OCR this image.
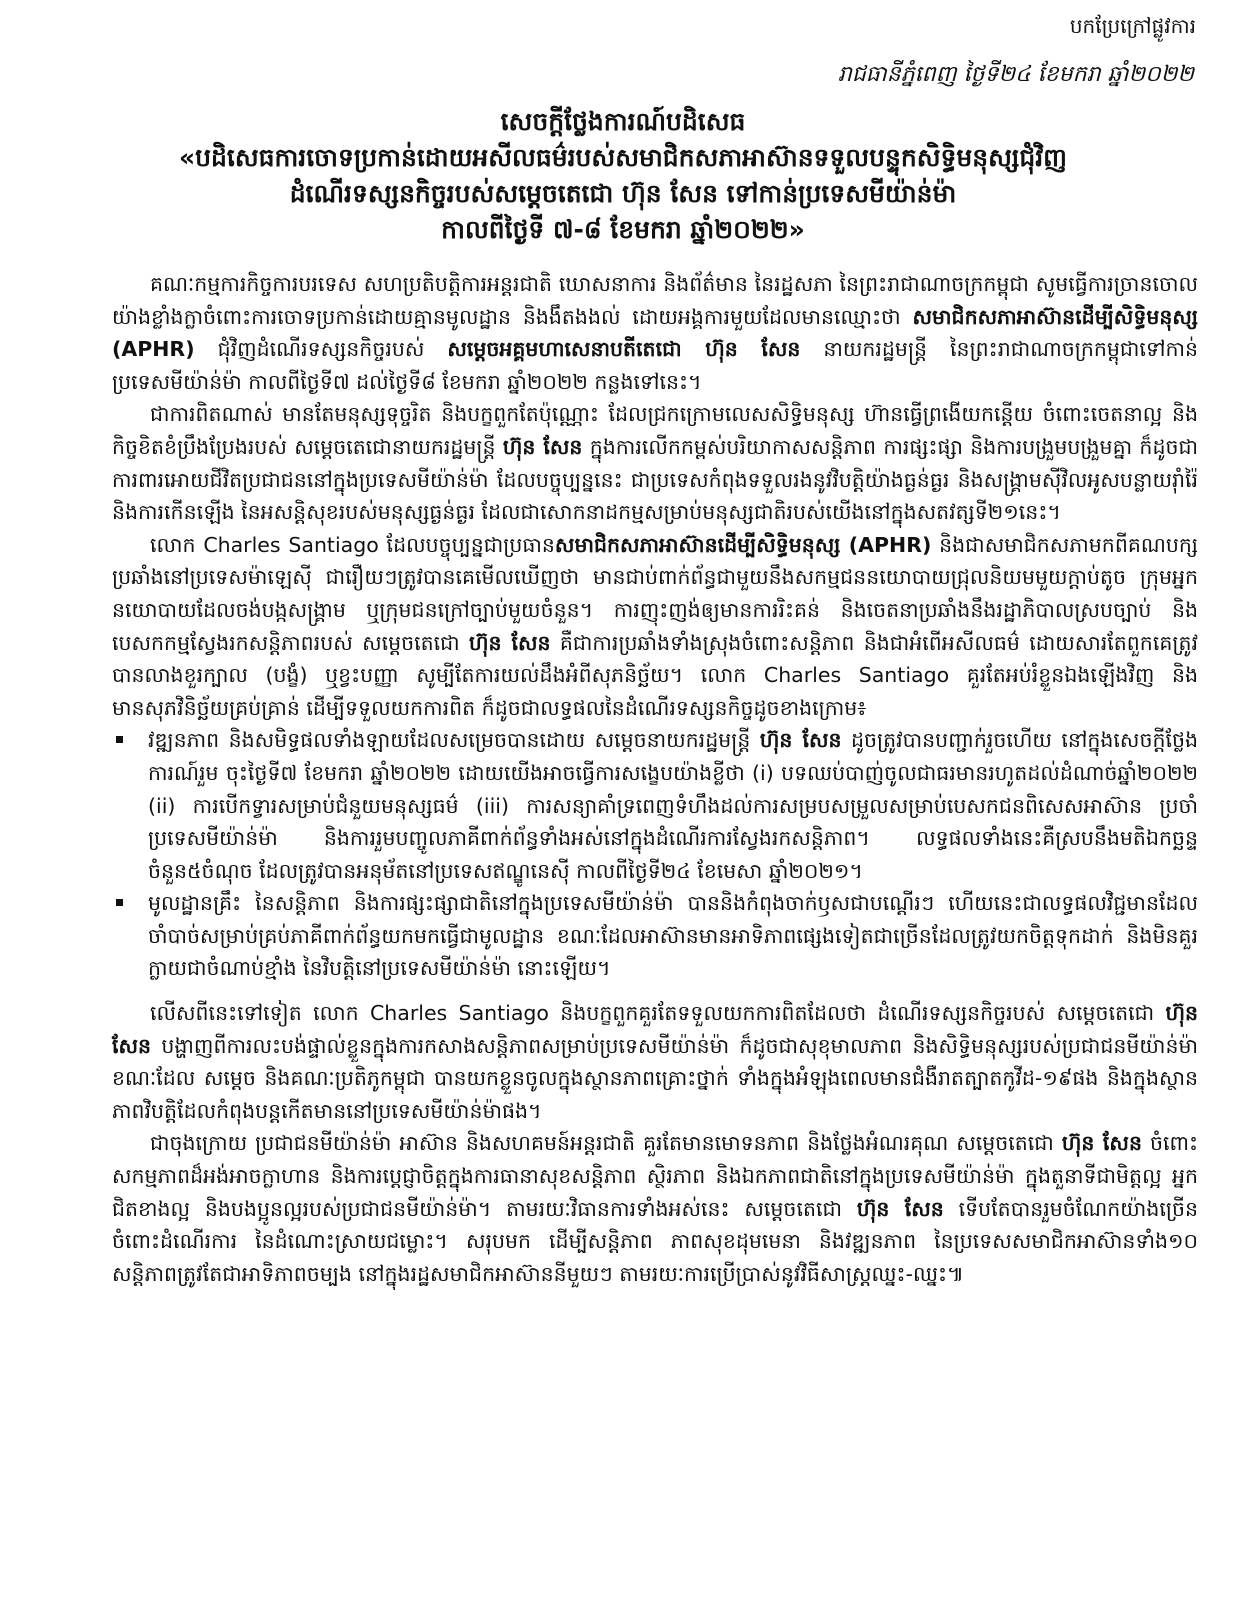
បកប្រែក្រៅផ្លូវការ
រាជធានីភ្នំពេញ ថ្ងៃទី២៤ ខែមករា ឆ្នាំ២០២២
សេចក្តីថ្លែងការណ៍បដិសេធ
«បដិសេធការចោទប្រកាន់ដោយអសីលធម៌របស់សមាជិកសភាអាស៊ានទទួលបន្ទុកសិទ្ធិមនុស្សជុំវិញ
ដំណើរទស្សនកិច្ចរបស់សម្តេចតេជោ ហ៊ុន សែន ទៅកាន់ប្រទេសមីយ៉ាន់ម៉ា
កាលពីថ្ងៃទី ៧-៨ ខែមករា ឆ្នាំ២០២២»

គណៈកម្មការកិច្ចការបរទេស សហប្រតិបត្តិការអន្តរជាតិ ឃោសនាការ និងព័ត៌មាន នៃរដ្ឋសភា នៃព្រះរាជាណាចក្រកម្ពុជា សូមធ្វើការច្រានចោលយ៉ាងខ្លាំងក្លាចំពោះការចោទប្រកាន់ដោយគ្មានមូលដ្ឋាន និងងឹតងងល់ ដោយអង្គការមួយដែលមានឈ្មោះថា សមាជិកសភាអាស៊ានដើម្បីសិទ្ធិមនុស្ស (APHR) ជុំវិញដំណើរទស្សនកិច្ចរបស់ សម្តេចអគ្គមហាសេនាបតីតេជោ ហ៊ុន សែន នាយករដ្ឋមន្ត្រី នៃព្រះរាជាណាចក្រកម្ពុជាទៅកាន់ប្រទេសមីយ៉ាន់ម៉ា កាលពីថ្ងៃទី៧ ដល់ថ្ងៃទី៨ ខែមករា ឆ្នាំ២០២២ កន្លងទៅនេះ។

ជាការពិតណាស់ មានតែមនុស្សទុច្ចរិត និងបក្ខពួកតែប៉ុណ្ណោះ ដែលជ្រកក្រោមលេសសិទ្ធិមនុស្ស ហ៊ានធ្វើព្រងើយកន្តើយ ចំពោះចេតនាល្អ និងកិច្ចខិតខំប្រឹងប្រែងរបស់ សម្តេចតេជោនាយករដ្ឋមន្ត្រី ហ៊ុន សែន ក្នុងការលើកកម្ពស់បរិយាកាសសន្តិភាព ការផ្សះផ្សា និងការបង្រួមបង្រួមគ្នា ក៏ដូចជា ការពារអោយជីវិតប្រជាជននៅក្នុងប្រទេសមីយ៉ាន់ម៉ា ដែលបច្ចុប្បន្ននេះ ជាប្រទេសកំពុងទទួលរងនូវវិបត្តិយ៉ាងធ្ងន់ធ្ងរ និងសង្គ្រាមស៊ីវិលអូសបន្លាយរ៉ាំរ៉ៃ និងការកើនឡើង នៃអសន្តិសុខរបស់មនុស្សធ្ងន់ធ្ងរ ដែលជាសោកនាដកម្មសម្រាប់មនុស្សជាតិរបស់យើងនៅក្នុងសតវត្សទី២១នេះ។

លោក Charles Santiago ដែលបច្ចុប្បន្នជាប្រធានសមាជិកសភាអាស៊ានដើម្បីសិទ្ធិមនុស្ស (APHR) និងជាសមាជិកសភាមកពីគណបក្សប្រឆាំងនៅប្រទេសម៉ាឡេស៊ី ជារឿយៗត្រូវបានគេមើលឃើញថា មានជាប់ពាក់ព័ន្ធជាមួយនឹងសកម្មជននយោបាយជ្រុលនិយមមួយក្តាប់តូច ក្រុមអ្នកនយោបាយដែលចង់បង្កសង្គ្រាម ឬក្រុមជនក្រៅច្បាប់មួយចំនួន។ ការញុះញង់ឲ្យមានការរិះគន់ និងចេតនាប្រឆាំងនឹងរដ្ឋាភិបាលស្របច្បាប់ និងបេសកកម្មស្វែងរកសន្តិភាពរបស់ សម្តេចតេជោ ហ៊ុន សែន គឺជាការប្រឆាំងទាំងស្រុងចំពោះសន្តិភាព និងជាអំពើអសីលធម៌ ដោយសារតែពួកគេត្រូវបានលាងខួរក្បាល (បង្ខំ) ឬខ្វះបញ្ញា សូម្បីតែការយល់ដឹងអំពីសុភនិច្ឆ័យ។ លោក Charles Santiago គួរតែអប់រំខ្លួនឯងឡើងវិញ និងមានសុភវិនិច្ឆ័យគ្រប់គ្រាន់ ដើម្បីទទួលយកការពិត ក៏ដូចជាលទ្ធផលនៃដំណើរទស្សនកិច្ចដូចខាងក្រោម៖

វឌ្ឍនភាព និងសមិទ្ធផលទាំងឡាយដែលសម្រេចបានដោយ សម្តេចនាយករដ្ឋមន្ត្រី ហ៊ុន សែន ដូចត្រូវបានបញ្ជាក់រួចហើយ នៅក្នុងសេចក្តីថ្លែងការណ៍រួម ចុះថ្ងៃទី៧ ខែមករា ឆ្នាំ២០២២ ដោយយើងអាចធ្វើការសង្ខេបយ៉ាងខ្លីថា (i) បទឈប់បាញ់ចូលជាធរមានរហូតដល់ដំណាច់ឆ្នាំ២០២២ (ii) ការបើកទ្វារសម្រាប់ជំនួយមនុស្សធម៌ (iii) ការសន្យាគាំទ្រពេញទំហឹងដល់ការសម្របសម្រួលសម្រាប់បេសកជនពិសេសអាស៊ាន ប្រចាំប្រទេសមីយ៉ាន់ម៉ា និងការរួមបញ្ចូលភាគីពាក់ព័ន្ធទាំងអស់នៅក្នុងដំណើរការស្វែងរកសន្តិភាព។ លទ្ធផលទាំងនេះគឺស្របនឹងមតិឯកច្ឆន្ទចំនួន៥ចំណុច ដែលត្រូវបានអនុម័តនៅប្រទេសឥណ្ឌូនេស៊ី កាលពីថ្ងៃទី២៤ ខែមេសា ឆ្នាំ២០២១។
មូលដ្ឋានគ្រឹះ នៃសន្តិភាព និងការផ្សះផ្សាជាតិនៅក្នុងប្រទេសមីយ៉ាន់ម៉ា បាននិងកំពុងចាក់ឫសជាបណ្តើរៗ ហើយនេះជាលទ្ធផលវិជ្ជមានដែលចាំបាច់សម្រាប់គ្រប់ភាគីពាក់ព័ន្ធយកមកធ្វើជាមូលដ្ឋាន ខណៈដែលអាស៊ានមានអាទិភាពផ្សេងទៀតជាច្រើនដែលត្រូវយកចិត្តទុកដាក់ និងមិនគួរក្លាយជាចំណាប់ខ្មាំង នៃវិបត្តិនៅប្រទេសមីយ៉ាន់ម៉ា នោះឡើយ។

លើសពីនេះទៅទៀត លោក Charles Santiago និងបក្ខពួកគួរតែទទួលយកការពិតដែលថា ដំណើរទស្សនកិច្ចរបស់ សម្តេចតេជោ ហ៊ុន សែន បង្ហាញពីការលះបង់ផ្ទាល់ខ្លួនក្នុងការកសាងសន្តិភាពសម្រាប់ប្រទេសមីយ៉ាន់ម៉ា ក៏ដូចជាសុខុមាលភាព និងសិទ្ធិមនុស្សរបស់ប្រជាជនមីយ៉ាន់ម៉ា ខណៈដែល សម្តេច និងគណៈប្រតិភូកម្ពុជា បានយកខ្លួនចូលក្នុងស្ថានភាពគ្រោះថ្នាក់ ទាំងក្នុងអំឡុងពេលមានជំងឺរាតត្បាតកូវីដ-១៩ផង និងក្នុងស្ថានភាពវិបត្តិដែលកំពុងបន្តកើតមាននៅប្រទេសមីយ៉ាន់ម៉ាផង។

ជាចុងក្រោយ ប្រជាជនមីយ៉ាន់ម៉ា អាស៊ាន និងសហគមន៍អន្តរជាតិ គួរតែមានមោទនភាព និងថ្លែងអំណរគុណ សម្តេចតេជោ ហ៊ុន សែន ចំពោះសកម្មភាពដ៏អង់អាចក្លាហាន និងការប្តេជ្ញាចិត្តក្នុងការធានាសុខសន្តិភាព ស្ថិរភាព និងឯកភាពជាតិនៅក្នុងប្រទេសមីយ៉ាន់ម៉ា ក្នុងតួនាទីជាមិត្តល្អ អ្នកជិតខាងល្អ និងបងប្អូនល្អរបស់ប្រជាជនមីយ៉ាន់ម៉ា។ តាមរយៈវិធានការទាំងអស់នេះ សម្តេចតេជោ ហ៊ុន សែន ទើបតែបានរួមចំណែកយ៉ាងច្រើន ចំពោះដំណើរការ នៃដំណោះស្រាយជម្លោះ។ សរុបមក ដើម្បីសន្តិភាព ភាពសុខដុមមេនា និងវឌ្ឍនភាព នៃប្រទេសសមាជិកអាស៊ានទាំង១០ សន្តិភាពត្រូវតែជាអាទិភាពចម្បង នៅក្នុងរដ្ឋសមាជិកអាស៊ាននីមួយៗ តាមរយៈការប្រើប្រាស់នូវវិធីសាស្ត្រឈ្នះ-ឈ្នះ៕
